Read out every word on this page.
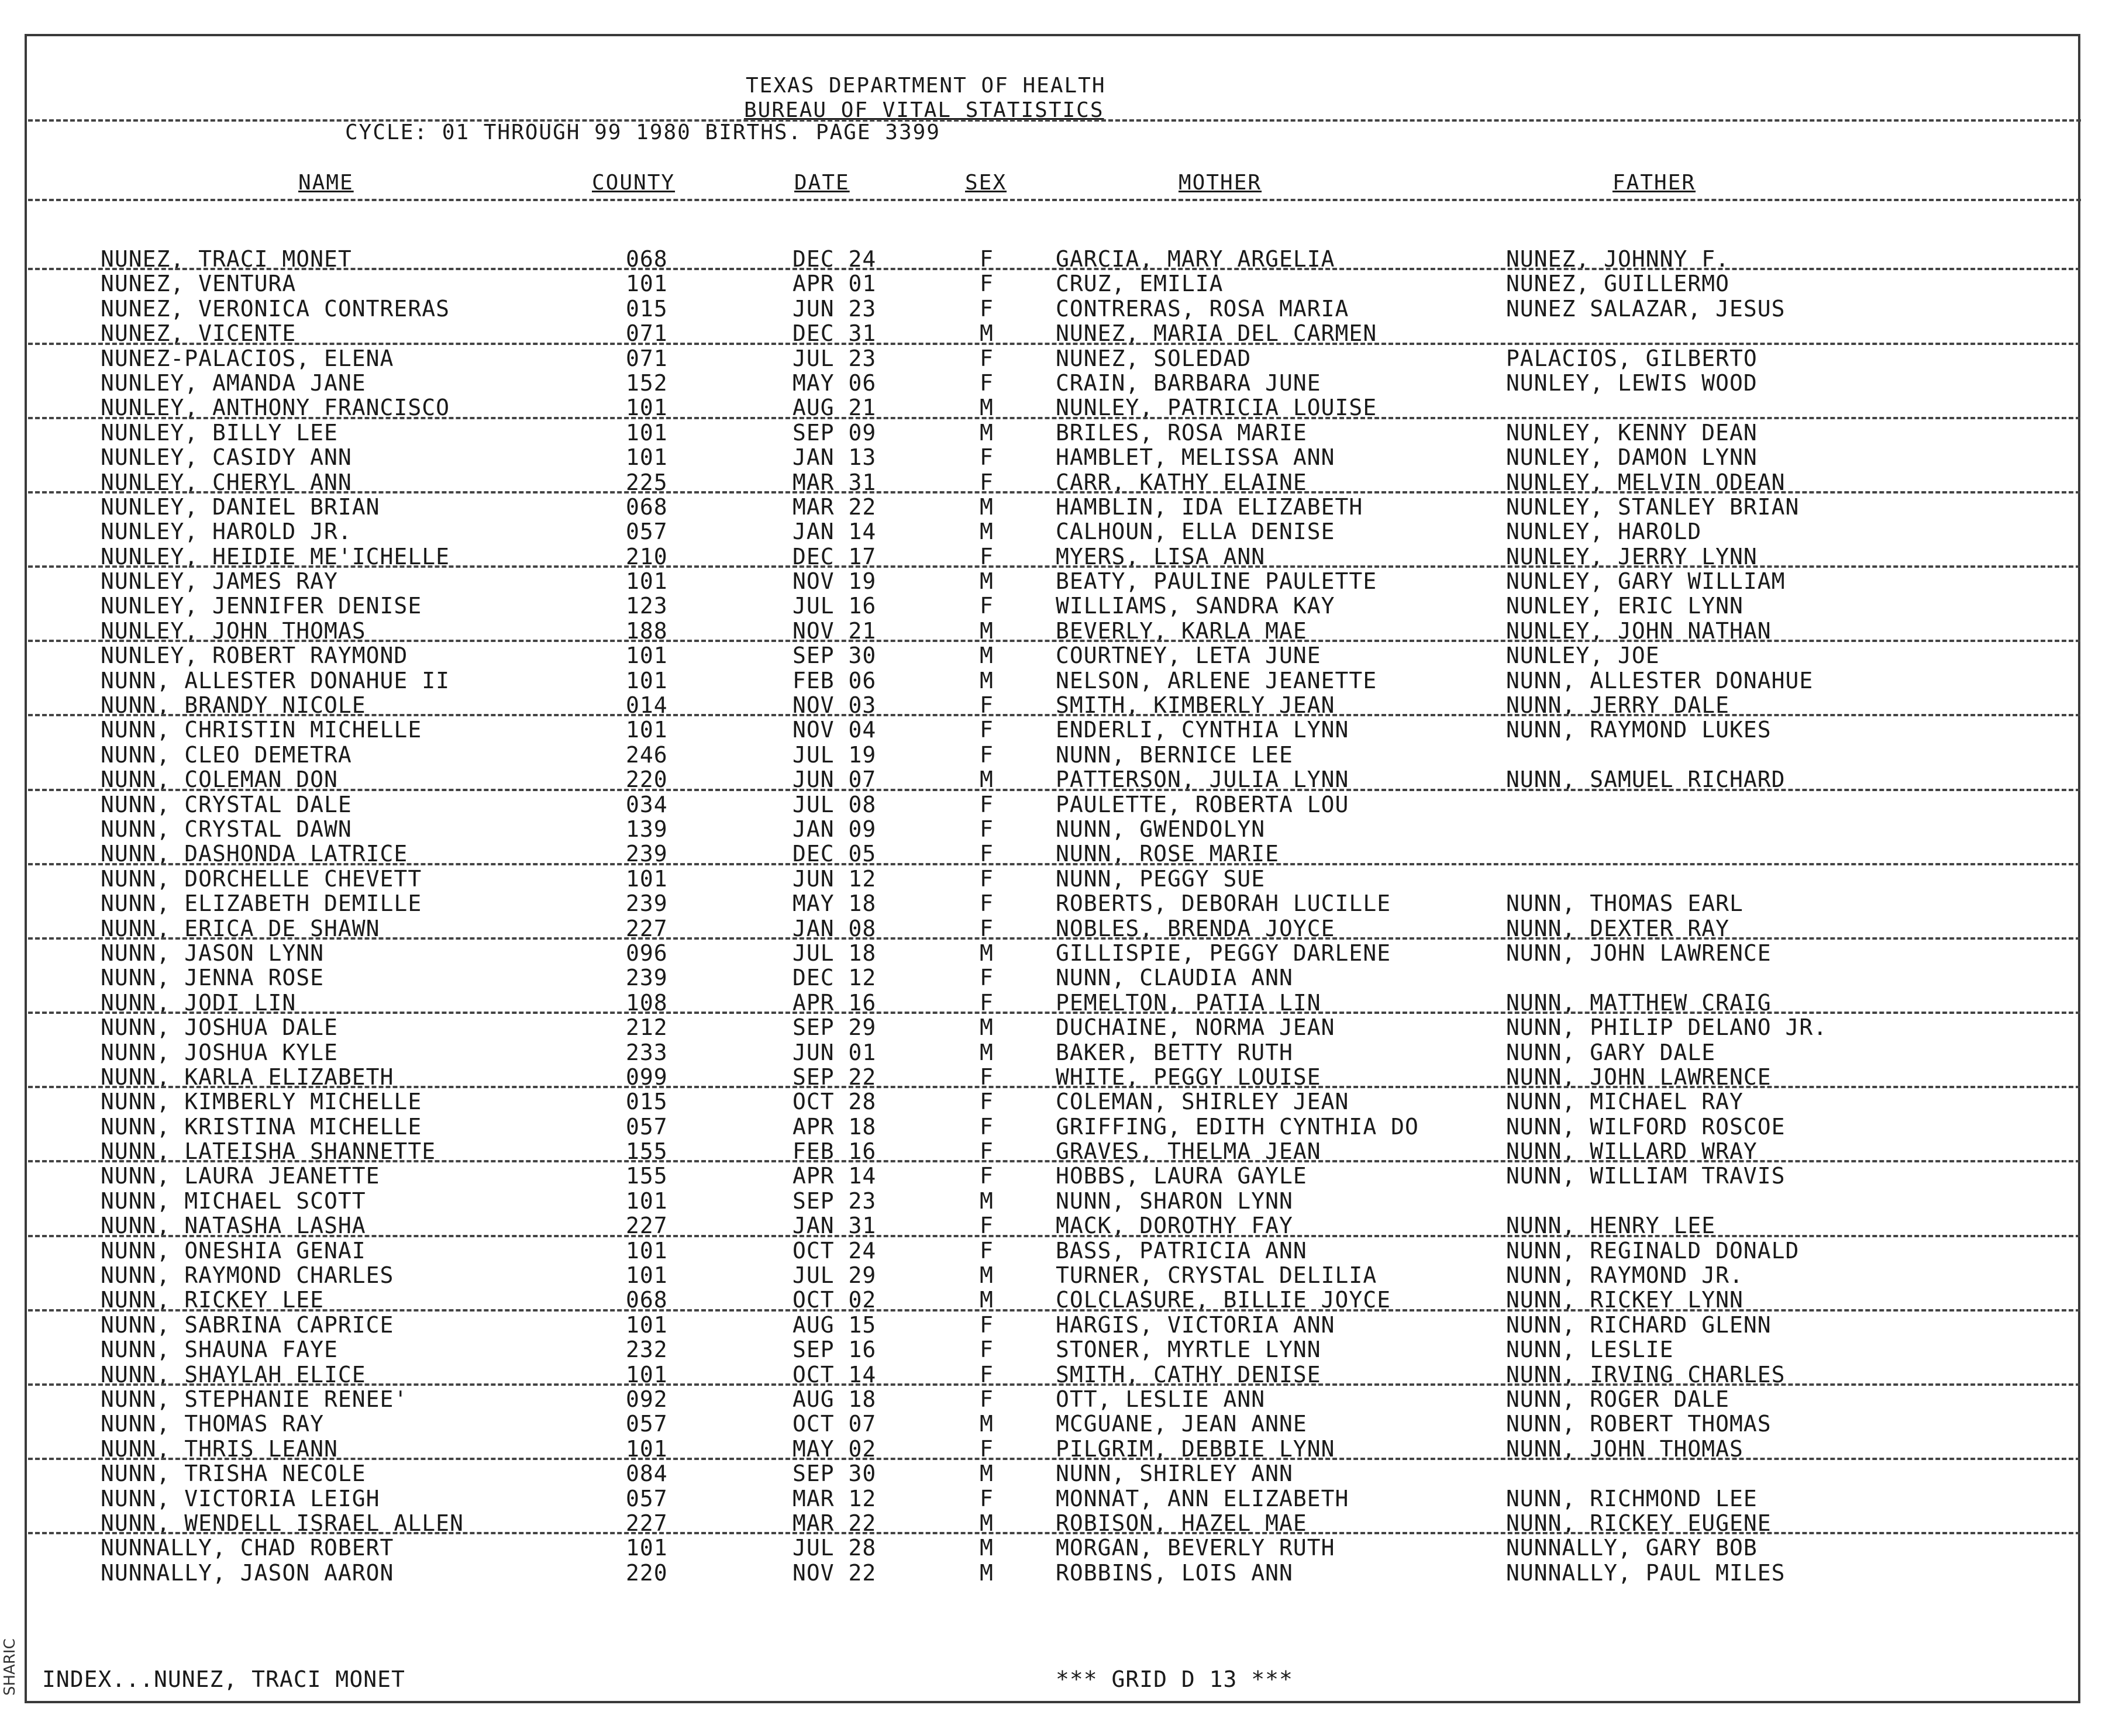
TEXAS DEPARTMENT OF HEALTH
BUREAU OF VITAL STATISTICS
CYCLE: 01 THROUGH 99 1980 BIRTHS. PAGE 3399
NAME	COUNTY	DATE	SEX	MOTHER	FATHER
NUNEZ, TRACI MONET	068	DEC 24	F	GARCIA, MARY ARGELIA	NUNEZ, JOHNNY F.
NUNEZ, VENTURA	101	APR 01	F	CRUZ, EMILIA	NUNEZ, GUILLERMO
NUNEZ, VERONICA CONTRERAS	015	JUN 23	F	CONTRERAS, ROSA MARIA	NUNEZ SALAZAR, JESUS
NUNEZ, VICENTE	071	DEC 31	M	NUNEZ, MARIA DEL CARMEN
NUNEZ-PALACIOS, ELENA	071	JUL 23	F	NUNEZ, SOLEDAD	PALACIOS, GILBERTO
NUNLEY, AMANDA JANE	152	MAY 06	F	CRAIN, BARBARA JUNE	NUNLEY, LEWIS WOOD
NUNLEY, ANTHONY FRANCISCO	101	AUG 21	M	NUNLEY, PATRICIA LOUISE
NUNLEY, BILLY LEE	101	SEP 09	M	BRILES, ROSA MARIE	NUNLEY, KENNY DEAN
NUNLEY, CASIDY ANN	101	JAN 13	F	HAMBLET, MELISSA ANN	NUNLEY, DAMON LYNN
NUNLEY, CHERYL ANN	225	MAR 31	F	CARR, KATHY ELAINE	NUNLEY, MELVIN ODEAN
NUNLEY, DANIEL BRIAN	068	MAR 22	M	HAMBLIN, IDA ELIZABETH	NUNLEY, STANLEY BRIAN
NUNLEY, HAROLD JR.	057	JAN 14	M	CALHOUN, ELLA DENISE	NUNLEY, HAROLD
NUNLEY, HEIDIE ME'ICHELLE	210	DEC 17	F	MYERS, LISA ANN	NUNLEY, JERRY LYNN
NUNLEY, JAMES RAY	101	NOV 19	M	BEATY, PAULINE PAULETTE	NUNLEY, GARY WILLIAM
NUNLEY, JENNIFER DENISE	123	JUL 16	F	WILLIAMS, SANDRA KAY	NUNLEY, ERIC LYNN
NUNLEY, JOHN THOMAS	188	NOV 21	M	BEVERLY, KARLA MAE	NUNLEY, JOHN NATHAN
NUNLEY, ROBERT RAYMOND	101	SEP 30	M	COURTNEY, LETA JUNE	NUNLEY, JOE
NUNN, ALLESTER DONAHUE II	101	FEB 06	M	NELSON, ARLENE JEANETTE	NUNN, ALLESTER DONAHUE
NUNN, BRANDY NICOLE	014	NOV 03	F	SMITH, KIMBERLY JEAN	NUNN, JERRY DALE
NUNN, CHRISTIN MICHELLE	101	NOV 04	F	ENDERLI, CYNTHIA LYNN	NUNN, RAYMOND LUKES
NUNN, CLEO DEMETRA	246	JUL 19	F	NUNN, BERNICE LEE
NUNN, COLEMAN DON	220	JUN 07	M	PATTERSON, JULIA LYNN	NUNN, SAMUEL RICHARD
NUNN, CRYSTAL DALE	034	JUL 08	F	PAULETTE, ROBERTA LOU
NUNN, CRYSTAL DAWN	139	JAN 09	F	NUNN, GWENDOLYN
NUNN, DASHONDA LATRICE	239	DEC 05	F	NUNN, ROSE MARIE
NUNN, DORCHELLE CHEVETT	101	JUN 12	F	NUNN, PEGGY SUE
NUNN, ELIZABETH DEMILLE	239	MAY 18	F	ROBERTS, DEBORAH LUCILLE	NUNN, THOMAS EARL
NUNN, ERICA DE SHAWN	227	JAN 08	F	NOBLES, BRENDA JOYCE	NUNN, DEXTER RAY
NUNN, JASON LYNN	096	JUL 18	M	GILLISPIE, PEGGY DARLENE	NUNN, JOHN LAWRENCE
NUNN, JENNA ROSE	239	DEC 12	F	NUNN, CLAUDIA ANN
NUNN, JODI LIN	108	APR 16	F	PEMELTON, PATIA LIN	NUNN, MATTHEW CRAIG
NUNN, JOSHUA DALE	212	SEP 29	M	DUCHAINE, NORMA JEAN	NUNN, PHILIP DELANO JR.
NUNN, JOSHUA KYLE	233	JUN 01	M	BAKER, BETTY RUTH	NUNN, GARY DALE
NUNN, KARLA ELIZABETH	099	SEP 22	F	WHITE, PEGGY LOUISE	NUNN, JOHN LAWRENCE
NUNN, KIMBERLY MICHELLE	015	OCT 28	F	COLEMAN, SHIRLEY JEAN	NUNN, MICHAEL RAY
NUNN, KRISTINA MICHELLE	057	APR 18	F	GRIFFING, EDITH CYNTHIA DO	NUNN, WILFORD ROSCOE
NUNN, LATEISHA SHANNETTE	155	FEB 16	F	GRAVES, THELMA JEAN	NUNN, WILLARD WRAY
NUNN, LAURA JEANETTE	155	APR 14	F	HOBBS, LAURA GAYLE	NUNN, WILLIAM TRAVIS
NUNN, MICHAEL SCOTT	101	SEP 23	M	NUNN, SHARON LYNN
NUNN, NATASHA LASHA	227	JAN 31	F	MACK, DOROTHY FAY	NUNN, HENRY LEE
NUNN, ONESHIA GENAI	101	OCT 24	F	BASS, PATRICIA ANN	NUNN, REGINALD DONALD
NUNN, RAYMOND CHARLES	101	JUL 29	M	TURNER, CRYSTAL DELILIA	NUNN, RAYMOND JR.
NUNN, RICKEY LEE	068	OCT 02	M	COLCLASURE, BILLIE JOYCE	NUNN, RICKEY LYNN
NUNN, SABRINA CAPRICE	101	AUG 15	F	HARGIS, VICTORIA ANN	NUNN, RICHARD GLENN
NUNN, SHAUNA FAYE	232	SEP 16	F	STONER, MYRTLE LYNN	NUNN, LESLIE
NUNN, SHAYLAH ELICE	101	OCT 14	F	SMITH, CATHY DENISE	NUNN, IRVING CHARLES
NUNN, STEPHANIE RENEE'	092	AUG 18	F	OTT, LESLIE ANN	NUNN, ROGER DALE
NUNN, THOMAS RAY	057	OCT 07	M	MCGUANE, JEAN ANNE	NUNN, ROBERT THOMAS
NUNN, THRIS LEANN	101	MAY 02	F	PILGRIM, DEBBIE LYNN	NUNN, JOHN THOMAS
NUNN, TRISHA NECOLE	084	SEP 30	M	NUNN, SHIRLEY ANN
NUNN, VICTORIA LEIGH	057	MAR 12	F	MONNAT, ANN ELIZABETH	NUNN, RICHMOND LEE
NUNN, WENDELL ISRAEL ALLEN	227	MAR 22	M	ROBISON, HAZEL MAE	NUNN, RICKEY EUGENE
NUNNALLY, CHAD ROBERT	101	JUL 28	M	MORGAN, BEVERLY RUTH	NUNNALLY, GARY BOB
NUNNALLY, JASON AARON	220	NOV 22	M	ROBBINS, LOIS ANN	NUNNALLY, PAUL MILES
INDEX...NUNEZ, TRACI MONET	*** GRID D 13 ***
SHARIC
